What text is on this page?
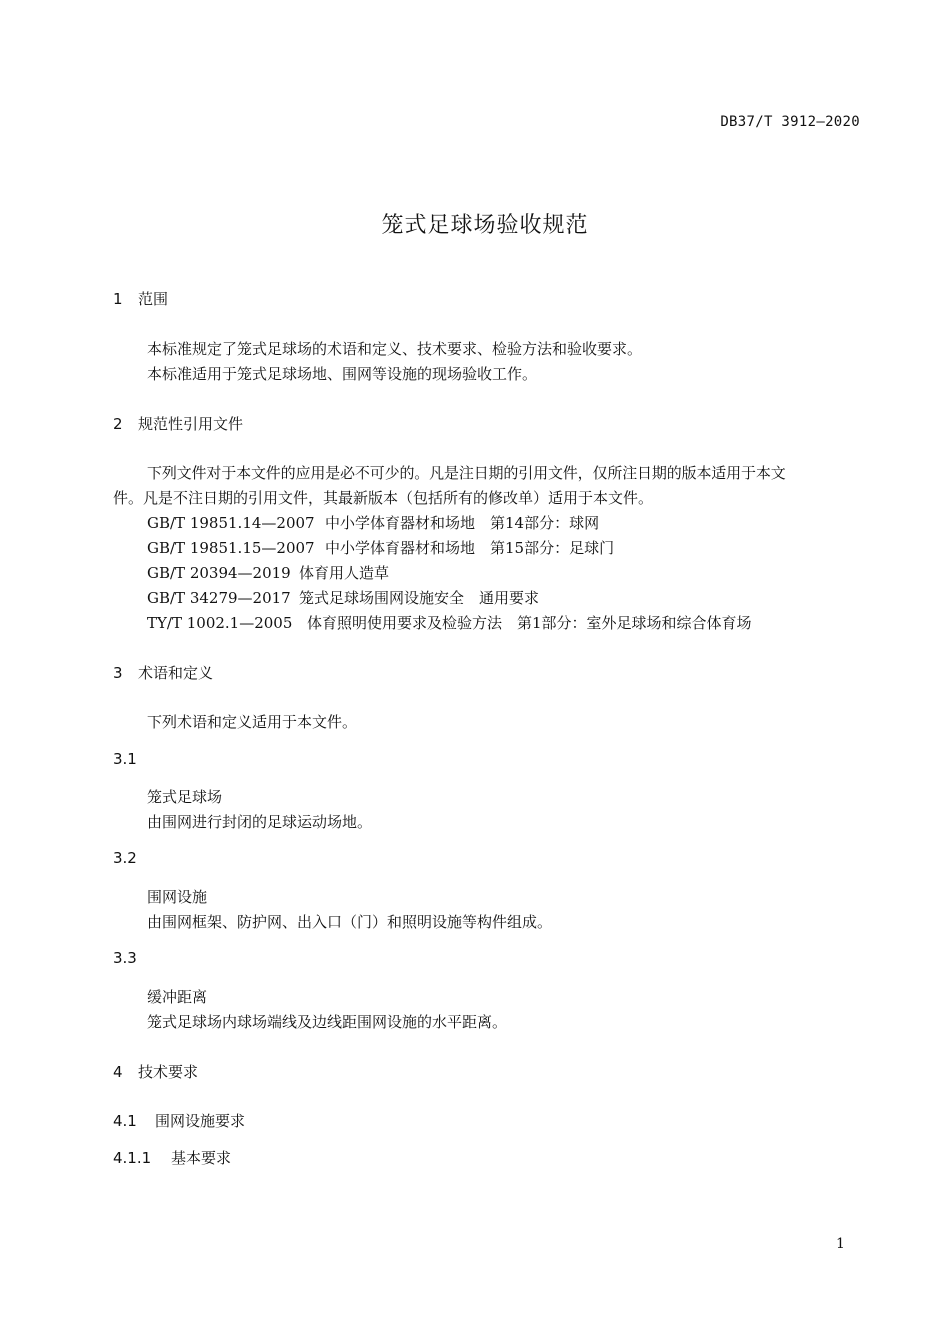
DB37/T 3912—2020
笼式足球场验收规范
1 范围
本标准规定了笼式足球场的术语和定义、技术要求、检验方法和验收要求。
本标准适用于笼式足球场地、围网等设施的现场验收工作。
2 规范性引用文件
下列文件对于本文件的应用是必不可少的。凡是注日期的引用文件，仅所注日期的版本适用于本文
件。凡是不注日期的引用文件，其最新版本（包括所有的修改单）适用于本文件。
GB/T 19851.14—2007 中小学体育器材和场地　第14部分：球网
GB/T 19851.15—2007 中小学体育器材和场地　第15部分：足球门
GB/T 20394—2019 体育用人造草
GB/T 34279—2017 笼式足球场围网设施安全　通用要求
TY/T 1002.1—2005 体育照明使用要求及检验方法　第1部分：室外足球场和综合体育场
3 术语和定义
下列术语和定义适用于本文件。
3.1
笼式足球场
由围网进行封闭的足球运动场地。
3.2
围网设施
由围网框架、防护网、出入口（门）和照明设施等构件组成。
3.3
缓冲距离
笼式足球场内球场端线及边线距围网设施的水平距离。
4 技术要求
4.1 围网设施要求
4.1.1 基本要求
1
